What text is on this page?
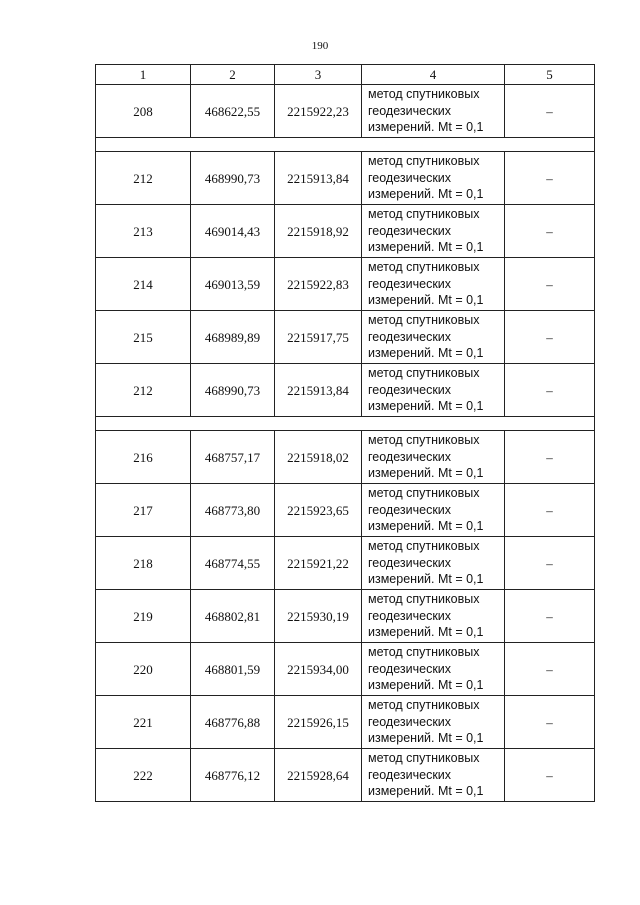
190
1	2	3	4	5
208	468622,55	2215922,23	метод спутниковых
геодезических
измерений. Mt = 0,1	–

212	468990,73	2215913,84	метод спутниковых
геодезических
измерений. Mt = 0,1	–
213	469014,43	2215918,92	метод спутниковых
геодезических
измерений. Mt = 0,1	–
214	469013,59	2215922,83	метод спутниковых
геодезических
измерений. Mt = 0,1	–
215	468989,89	2215917,75	метод спутниковых
геодезических
измерений. Mt = 0,1	–
212	468990,73	2215913,84	метод спутниковых
геодезических
измерений. Mt = 0,1	–

216	468757,17	2215918,02	метод спутниковых
геодезических
измерений. Mt = 0,1	–
217	468773,80	2215923,65	метод спутниковых
геодезических
измерений. Mt = 0,1	–
218	468774,55	2215921,22	метод спутниковых
геодезических
измерений. Mt = 0,1	–
219	468802,81	2215930,19	метод спутниковых
геодезических
измерений. Mt = 0,1	–
220	468801,59	2215934,00	метод спутниковых
геодезических
измерений. Mt = 0,1	–
221	468776,88	2215926,15	метод спутниковых
геодезических
измерений. Mt = 0,1	–
222	468776,12	2215928,64	метод спутниковых
геодезических
измерений. Mt = 0,1	–
